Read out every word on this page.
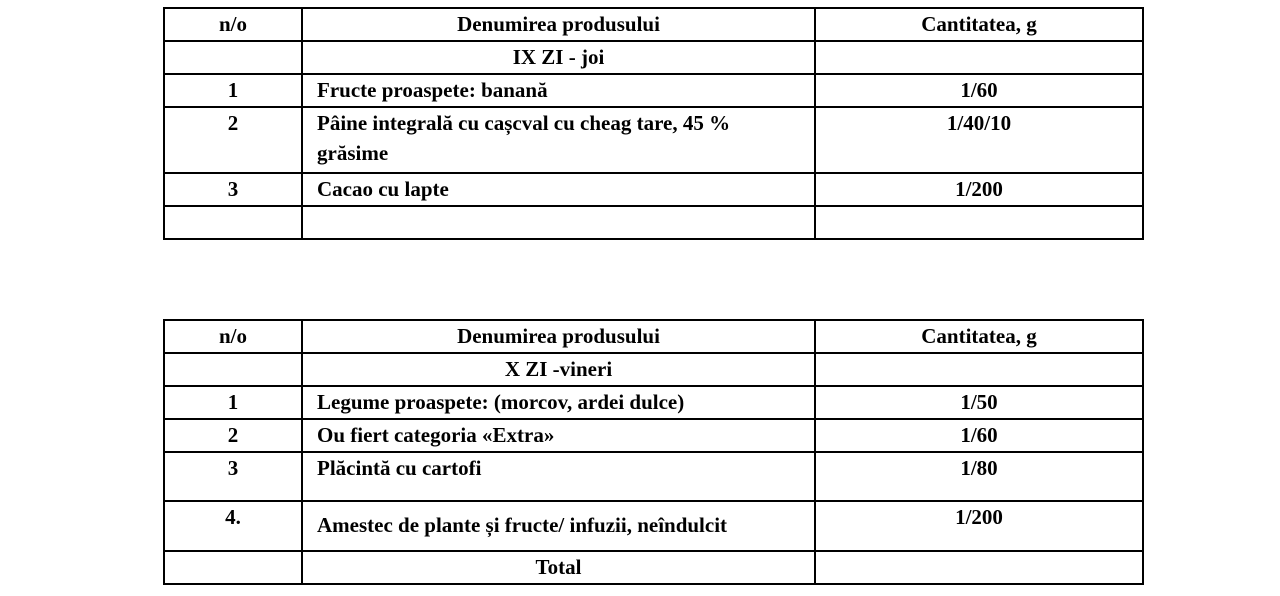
n/o	Denumirea produsului	Cantitatea, g
	IX ZI - joi	
1	Fructe proaspete: banană	1/60
2	Pâine integrală cu cașcval cu cheag tare, 45 % grăsime	1/40/10
3	Cacao cu lapte	1/200

n/o	Denumirea produsului	Cantitatea, g
	X ZI -vineri	
1	Legume proaspete: (morcov, ardei dulce)	1/50
2	Ou fiert categoria «Extra»	1/60
3	Plăcintă cu cartofi	1/80
4.	Amestec de plante și fructe/ infuzii, neîndulcit	1/200
	Total	
